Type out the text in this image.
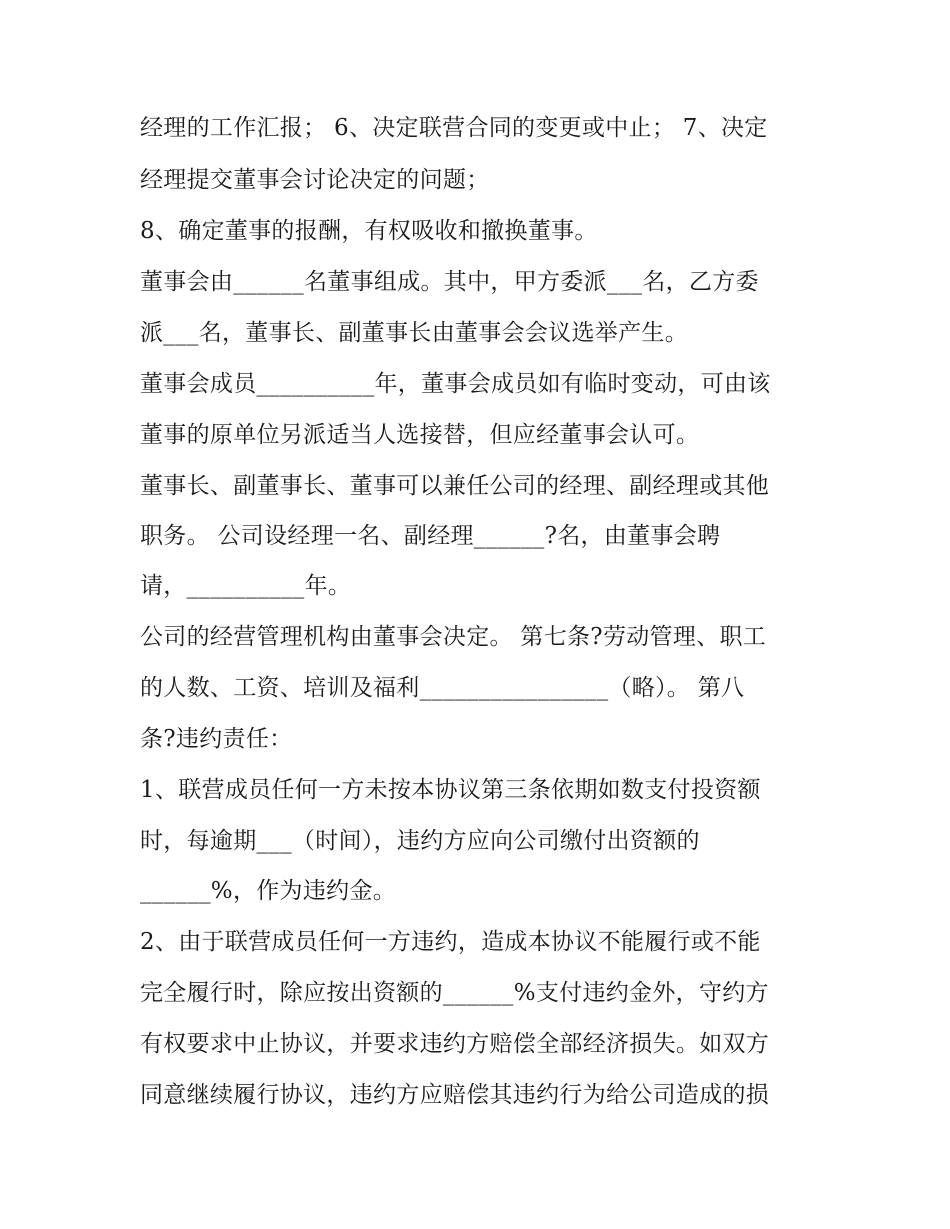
经理的工作汇报； 6、决定联营合同的变更或中止； 7、决定
经理提交董事会讨论决定的问题；
8、确定董事的报酬，有权吸收和撤换董事。
董事会由______名董事组成。其中，甲方委派___名，乙方委
派___名，董事长、副董事长由董事会会议选举产生。
董事会成员__________年，董事会成员如有临时变动，可由该
董事的原单位另派适当人选接替，但应经董事会认可。
董事长、副董事长、董事可以兼任公司的经理、副经理或其他
职务。 公司设经理一名、副经理______?名，由董事会聘
请，__________年。
公司的经营管理机构由董事会决定。 第七条?劳动管理、职工
的人数、工资、培训及福利________________（略）。 第八
条?违约责任：
1、联营成员任何一方未按本协议第三条依期如数支付投资额
时，每逾期___（时间），违约方应向公司缴付出资额的
______%，作为违约金。
2、由于联营成员任何一方违约，造成本协议不能履行或不能
完全履行时，除应按出资额的______%支付违约金外，守约方
有权要求中止协议，并要求违约方赔偿全部经济损失。如双方
同意继续履行协议，违约方应赔偿其违约行为给公司造成的损
